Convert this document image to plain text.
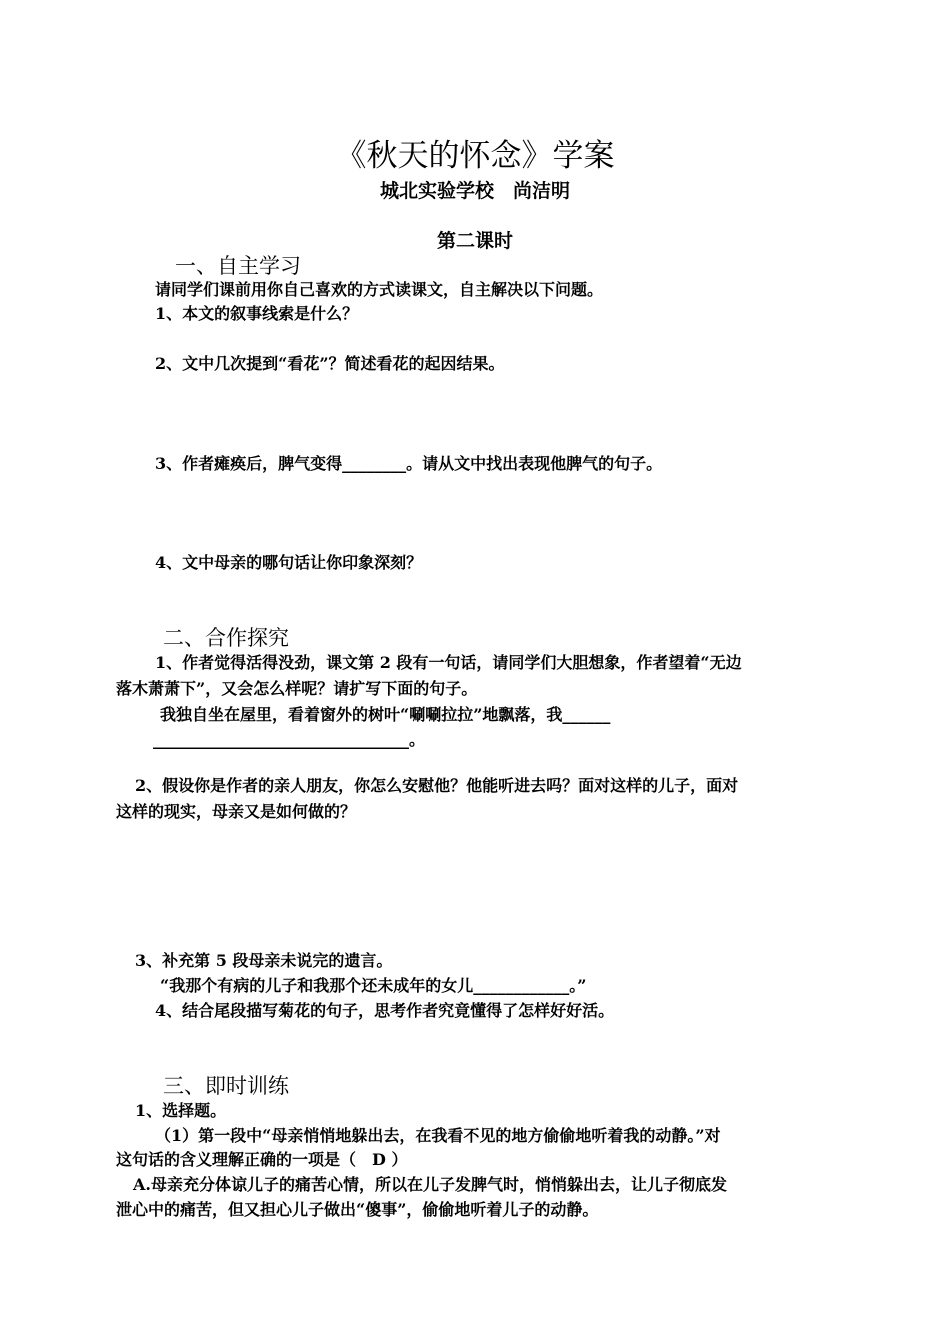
《秋天的怀念》学案
城北实验学校　尚洁明
第二课时
一、自主学习
请同学们课前用你自己喜欢的方式读课文，自主解决以下问题。
1、本文的叙事线索是什么？
2、文中几次提到“看花”？简述看花的起因结果。
3、作者瘫痪后，脾气变得________。请从文中找出表现他脾气的句子。
4、文中母亲的哪句话让你印象深刻？
二、合作探究
1、作者觉得活得没劲，课文第 2 段有一句话，请同学们大胆想象，作者望着“无边
落木萧萧下”，又会怎么样呢？请扩写下面的句子。
我独自坐在屋里，看着窗外的树叶“唰唰拉拉”地飘落，我______
________________________________。
2、假设你是作者的亲人朋友，你怎么安慰他？他能听进去吗？面对这样的儿子，面对
这样的现实，母亲又是如何做的？
3、补充第 5 段母亲未说完的遗言。
“我那个有病的儿子和我那个还未成年的女儿____________。”
4、结合尾段描写菊花的句子，思考作者究竟懂得了怎样好好活。
三、即时训练
1、选择题。
（1）第一段中“母亲悄悄地躲出去，在我看不见的地方偷偷地听着我的动静。”对
这句话的含义理解正确的一项是（　D ）
A.母亲充分体谅儿子的痛苦心情，所以在儿子发脾气时，悄悄躲出去，让儿子彻底发
泄心中的痛苦，但又担心儿子做出“傻事”，偷偷地听着儿子的动静。
